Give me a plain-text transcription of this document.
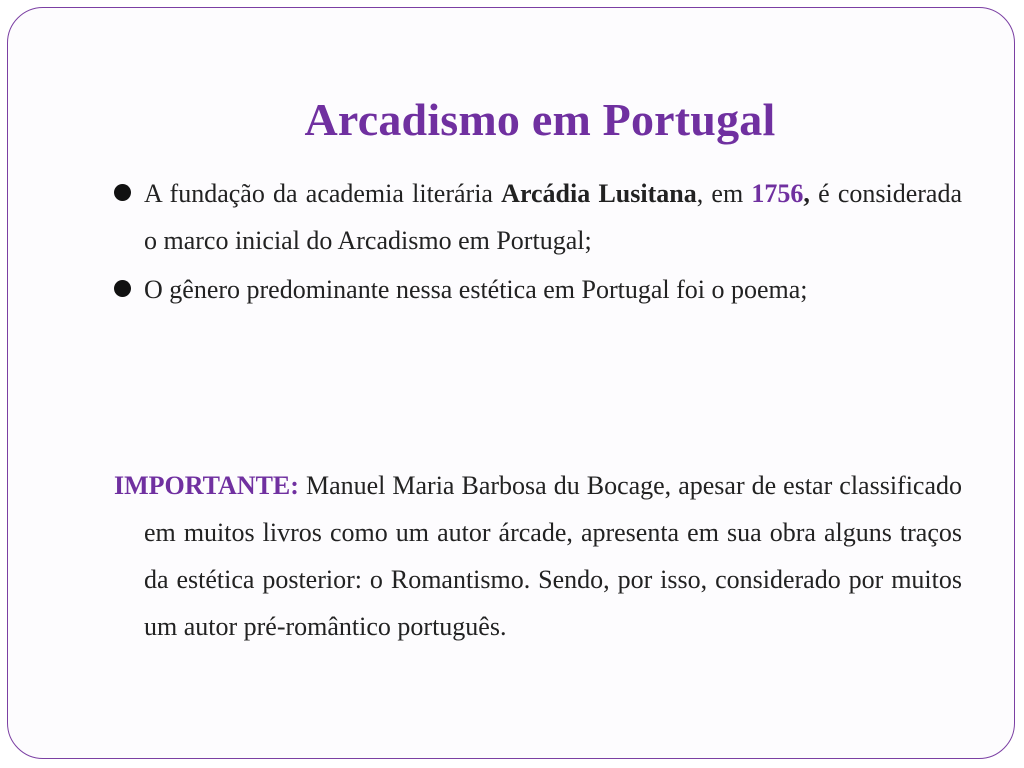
Arcadismo em Portugal

A fundação da academia literária Arcádia Lusitana, em 1756, é considerada o marco inicial do Arcadismo em Portugal;

O gênero predominante nessa estética em Portugal foi o poema;

IMPORTANTE: Manuel Maria Barbosa du Bocage, apesar de estar classificado em muitos livros como um autor árcade, apresenta em sua obra alguns traços da estética posterior: o Romantismo. Sendo, por isso, considerado por muitos um autor pré-romântico português.
